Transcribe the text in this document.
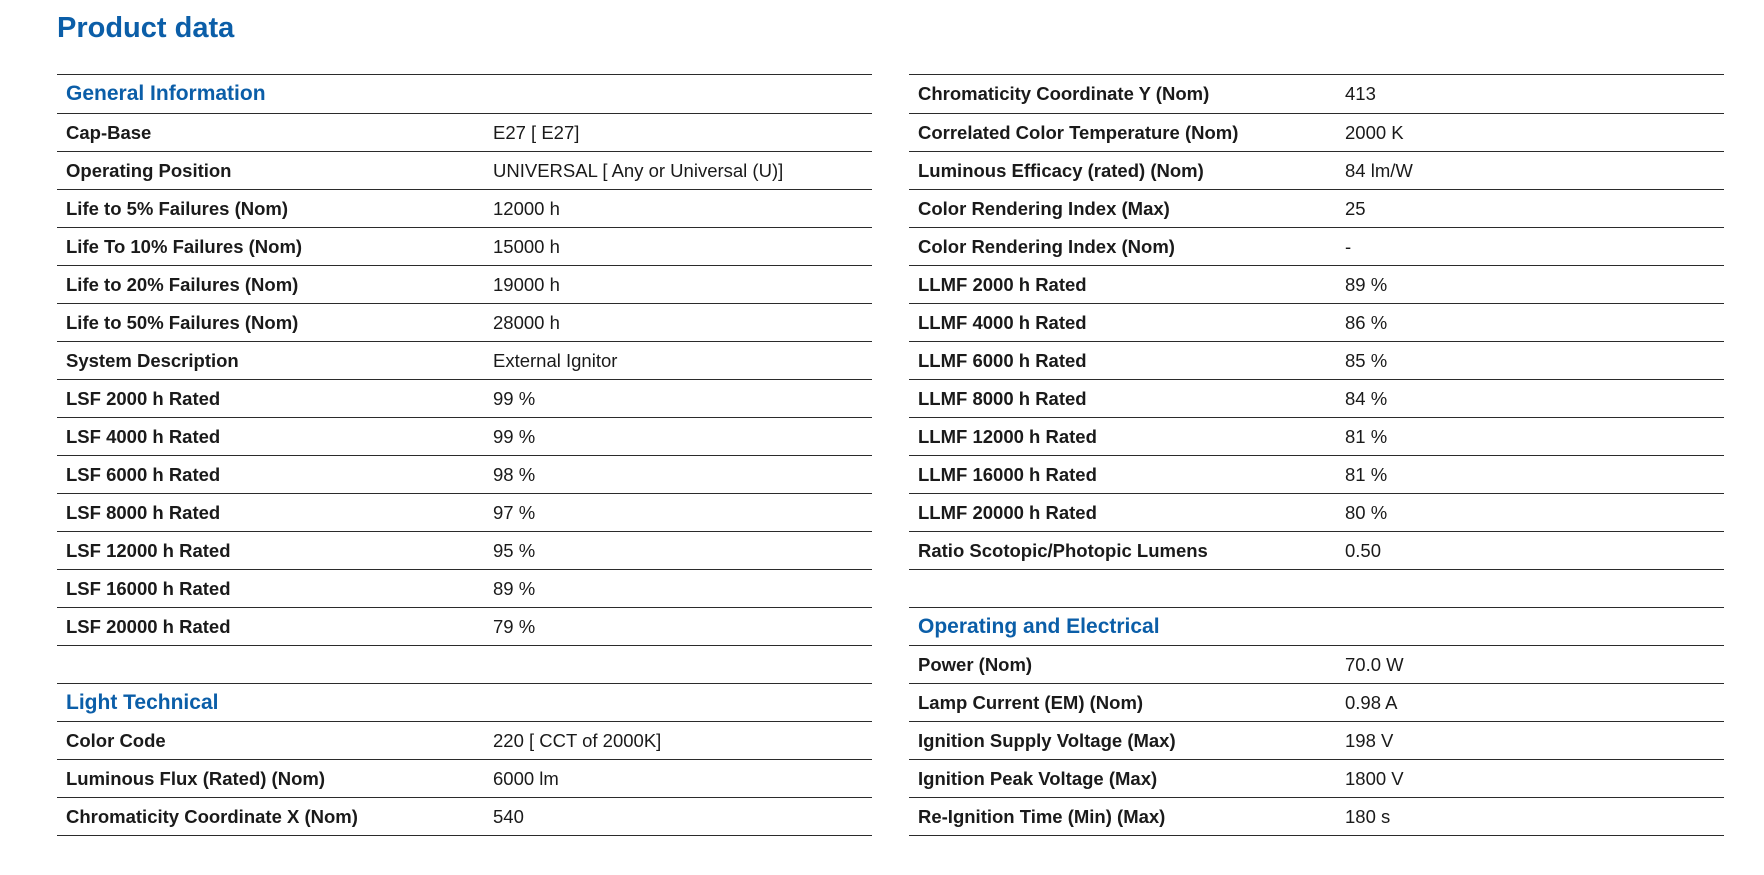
Product data
General Information
Cap-Base	E27 [ E27]
Operating Position	UNIVERSAL [ Any or Universal (U)]
Life to 5% Failures (Nom)	12000 h
Life To 10% Failures (Nom)	15000 h
Life to 20% Failures (Nom)	19000 h
Life to 50% Failures (Nom)	28000 h
System Description	External Ignitor
LSF 2000 h Rated	99 %
LSF 4000 h Rated	99 %
LSF 6000 h Rated	98 %
LSF 8000 h Rated	97 %
LSF 12000 h Rated	95 %
LSF 16000 h Rated	89 %
LSF 20000 h Rated	79 %
Light Technical
Color Code	220 [ CCT of 2000K]
Luminous Flux (Rated) (Nom)	6000 lm
Chromaticity Coordinate X (Nom)	540
Chromaticity Coordinate Y (Nom)	413
Correlated Color Temperature (Nom)	2000 K
Luminous Efficacy (rated) (Nom)	84 lm/W
Color Rendering Index (Max)	25
Color Rendering Index (Nom)	-
LLMF 2000 h Rated	89 %
LLMF 4000 h Rated	86 %
LLMF 6000 h Rated	85 %
LLMF 8000 h Rated	84 %
LLMF 12000 h Rated	81 %
LLMF 16000 h Rated	81 %
LLMF 20000 h Rated	80 %
Ratio Scotopic/Photopic Lumens	0.50
Operating and Electrical
Power (Nom)	70.0 W
Lamp Current (EM) (Nom)	0.98 A
Ignition Supply Voltage (Max)	198 V
Ignition Peak Voltage (Max)	1800 V
Re-Ignition Time (Min) (Max)	180 s
